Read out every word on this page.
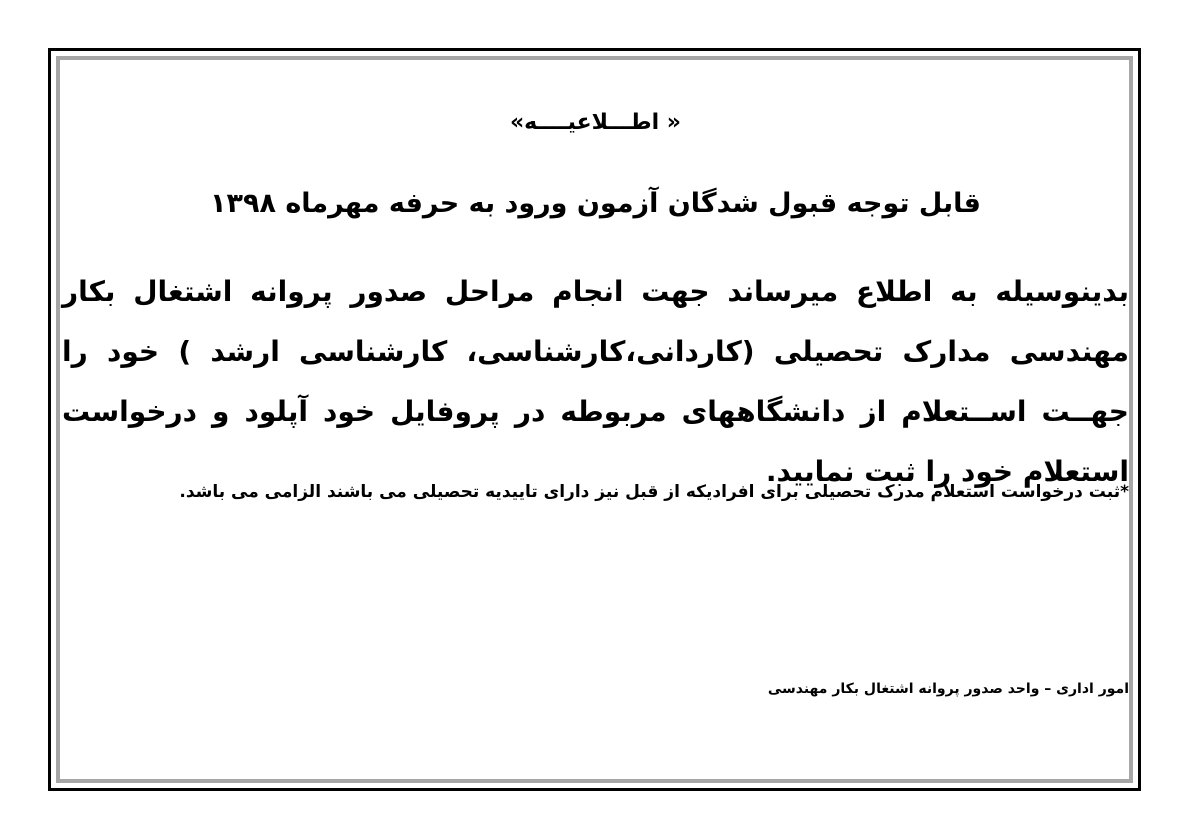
« اطـــلاعیــــه»
قابل توجه قبول شدگان آزمون ورود به حرفه مهرماه ۱۳۹۸
بدینوسیله به اطلاع میرساند جهت انجام مراحل صدور پروانه اشتغال بکار مهندسی مدارک تحصیلی (کاردانی،کارشناسی، کارشناسی ارشد ) خود را جهــت اســتعلام از دانشگاههای مربوطه در پروفایل خود آپلود و درخواست استعلام خود را ثبت نمایید.
*ثبت درخواست استعلام مدرک تحصیلی برای افرادیکه از قبل نیز دارای تاییدیه تحصیلی می باشند الزامی می باشد.
امور اداری – واحد صدور پروانه اشتغال بکار مهندسی
